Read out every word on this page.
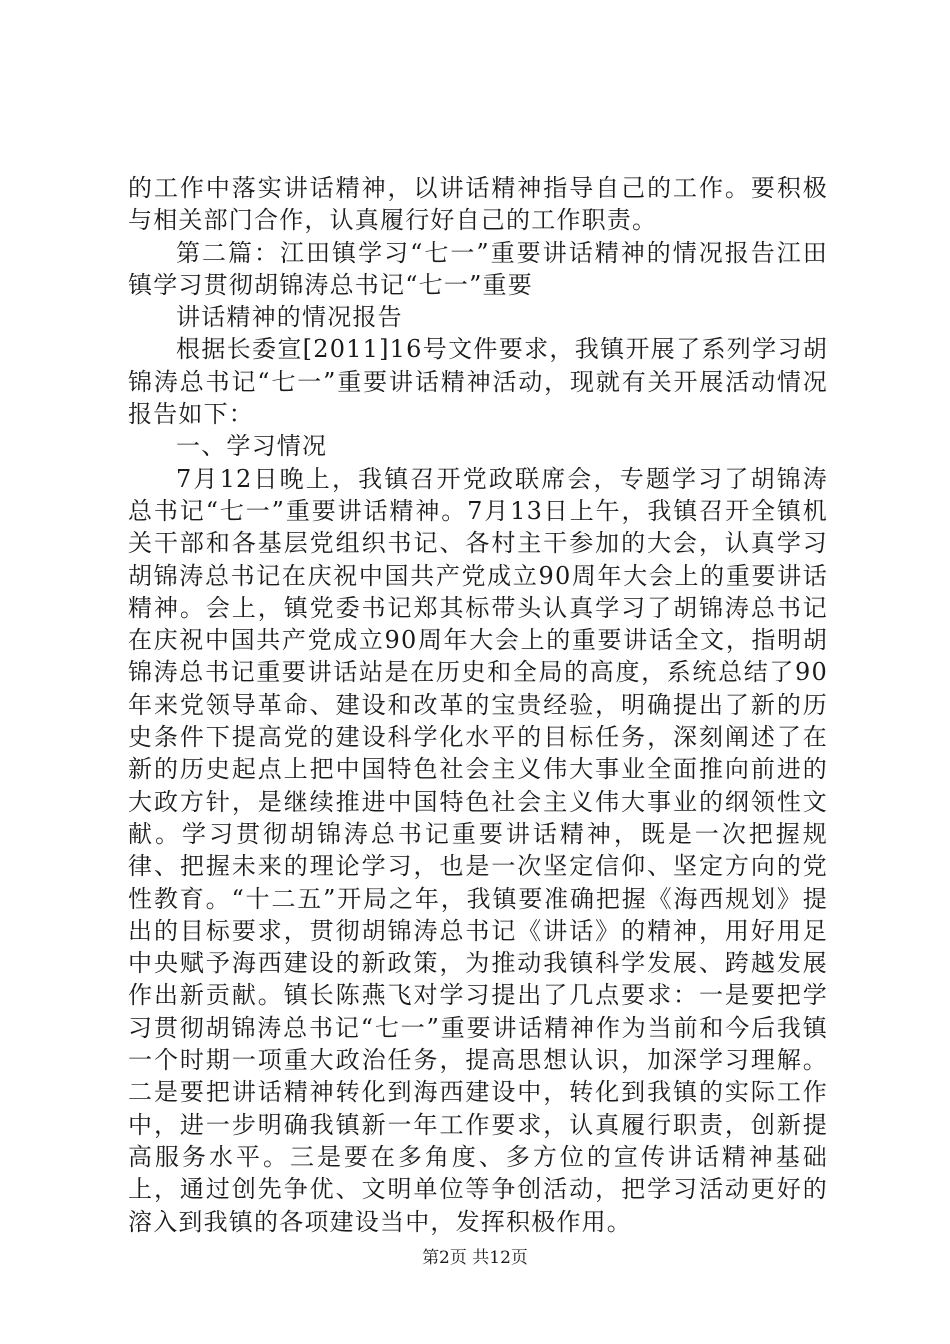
的工作中落实讲话精神，以讲话精神指导自己的工作。要积极与相关部门合作，认真履行好自己的工作职责。

第二篇：江田镇学习“七一”重要讲话精神的情况报告江田镇学习贯彻胡锦涛总书记“七一”重要

讲话精神的情况报告

根据长委宣[2011]16号文件要求，我镇开展了系列学习胡锦涛总书记“七一”重要讲话精神活动，现就有关开展活动情况报告如下：

一、学习情况

7月12日晚上，我镇召开党政联席会，专题学习了胡锦涛总书记“七一”重要讲话精神。7月13日上午，我镇召开全镇机关干部和各基层党组织书记、各村主干参加的大会，认真学习胡锦涛总书记在庆祝中国共产党成立90周年大会上的重要讲话精神。会上，镇党委书记郑其标带头认真学习了胡锦涛总书记在庆祝中国共产党成立90周年大会上的重要讲话全文，指明胡锦涛总书记重要讲话站是在历史和全局的高度，系统总结了90年来党领导革命、建设和改革的宝贵经验，明确提出了新的历史条件下提高党的建设科学化水平的目标任务，深刻阐述了在新的历史起点上把中国特色社会主义伟大事业全面推向前进的大政方针，是继续推进中国特色社会主义伟大事业的纲领性文献。学习贯彻胡锦涛总书记重要讲话精神，既是一次把握规律、把握未来的理论学习，也是一次坚定信仰、坚定方向的党性教育。“十二五”开局之年，我镇要准确把握《海西规划》提出的目标要求，贯彻胡锦涛总书记《讲话》的精神，用好用足中央赋予海西建设的新政策，为推动我镇科学发展、跨越发展作出新贡献。镇长陈燕飞对学习提出了几点要求：一是要把学习贯彻胡锦涛总书记“七一”重要讲话精神作为当前和今后我镇一个时期一项重大政治任务，提高思想认识，加深学习理解。二是要把讲话精神转化到海西建设中，转化到我镇的实际工作中，进一步明确我镇新一年工作要求，认真履行职责，创新提高服务水平。三是要在多角度、多方位的宣传讲话精神基础上，通过创先争优、文明单位等争创活动，把学习活动更好的溶入到我镇的各项建设当中，发挥积极作用。

第2页 共12页
